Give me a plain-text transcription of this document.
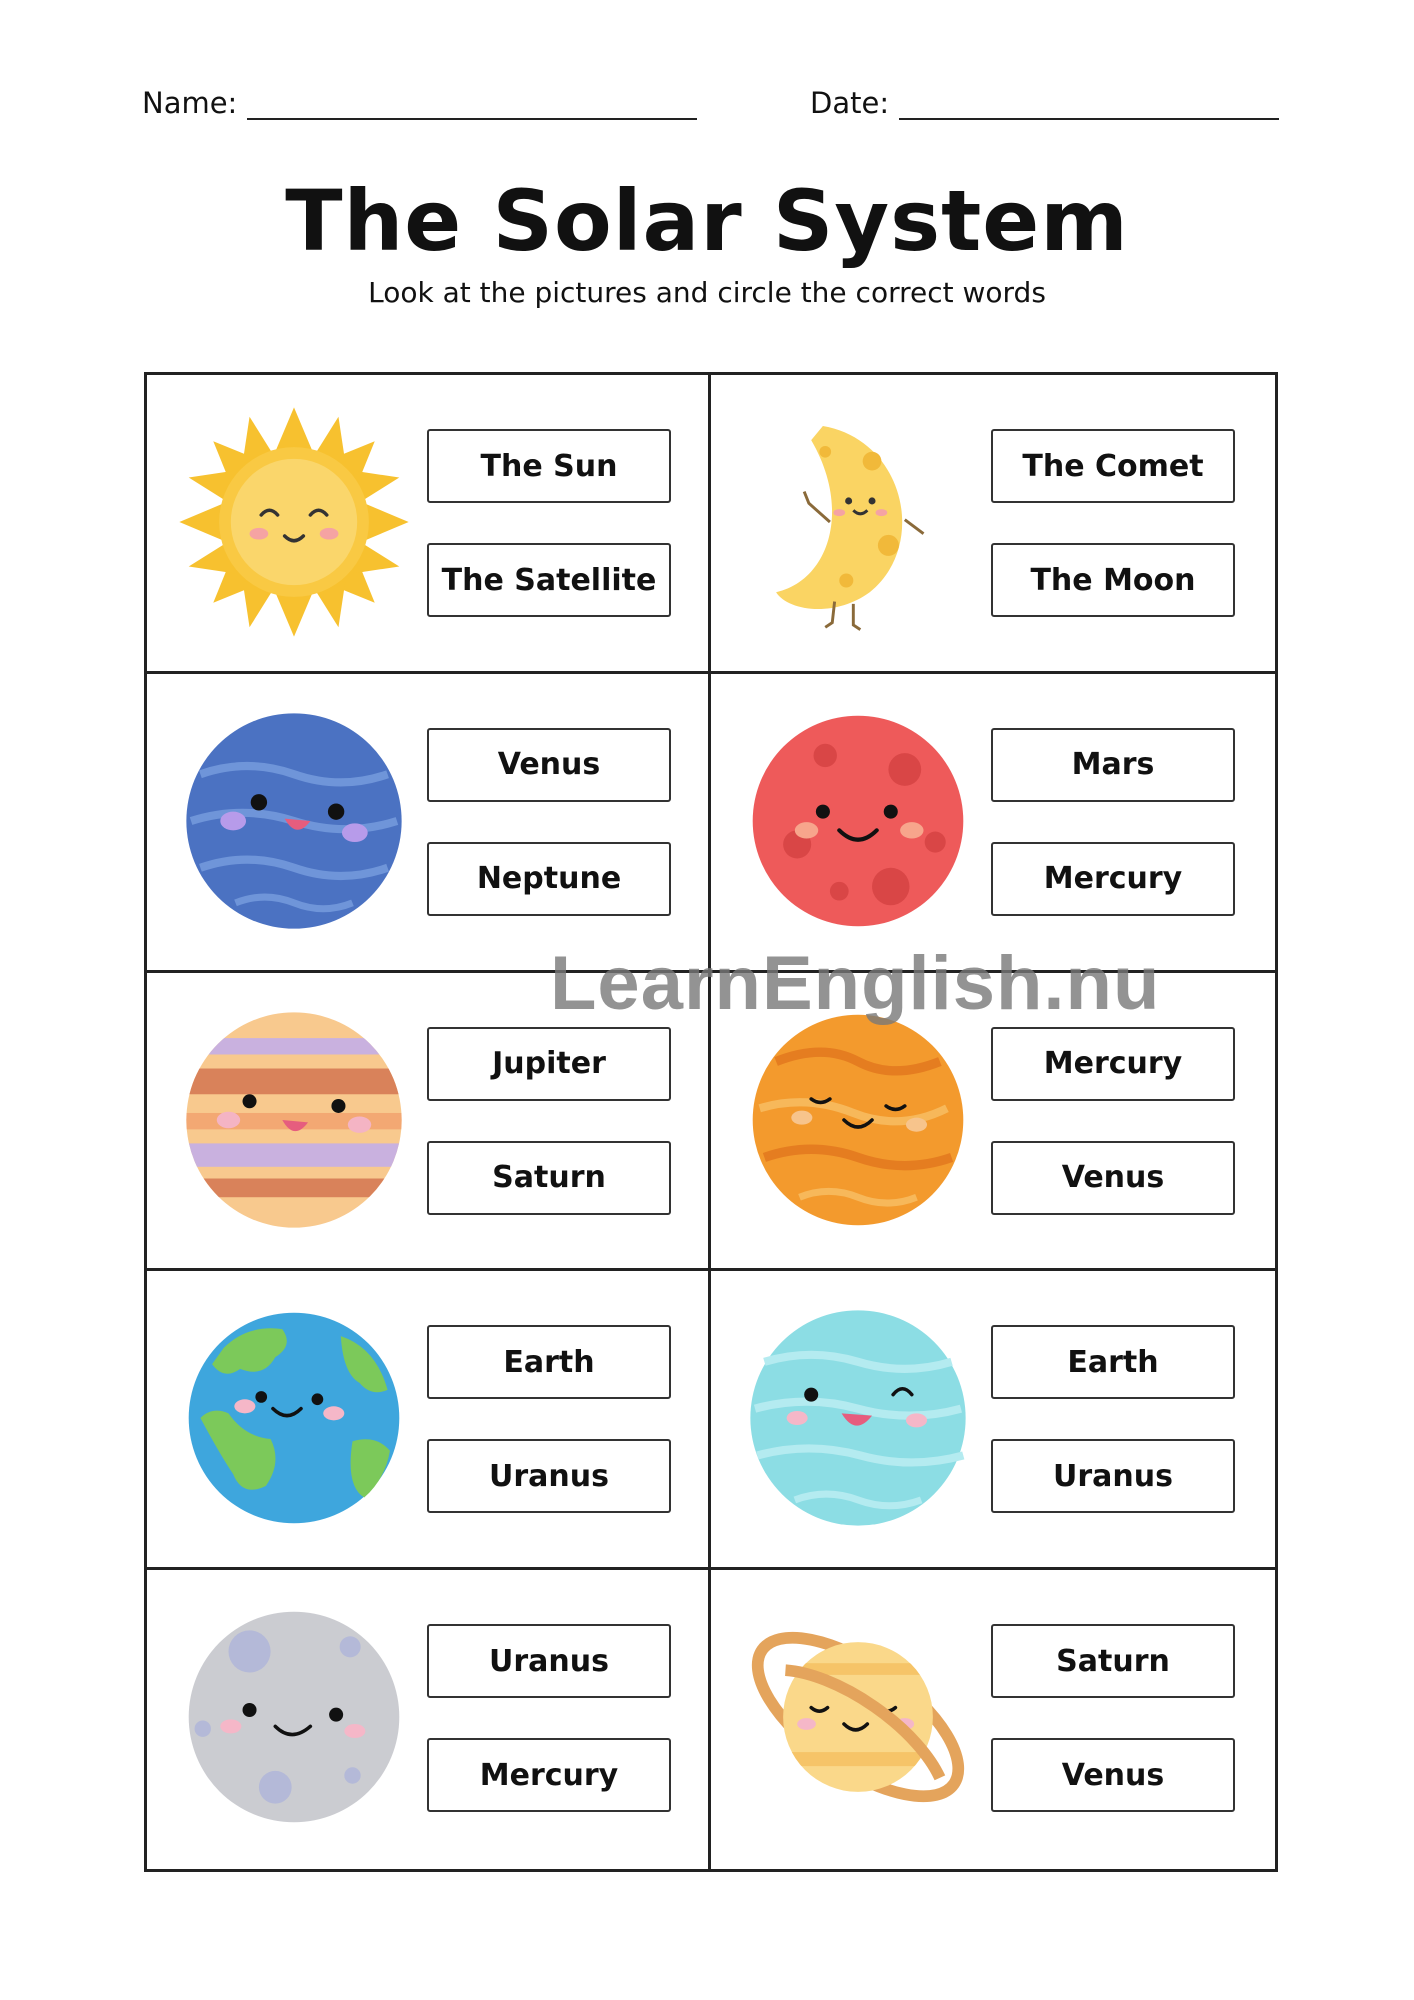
Name:	Date:
The Solar System

Look at the pictures and circle the correct words

The Sun
The Satellite
The Comet
The Moon
Venus
Neptune
Mars
Mercury
Jupiter
Saturn
Mercury
Venus
Earth
Uranus
Earth
Uranus
Uranus
Mercury
Saturn
Venus
LearnEnglish.nu
